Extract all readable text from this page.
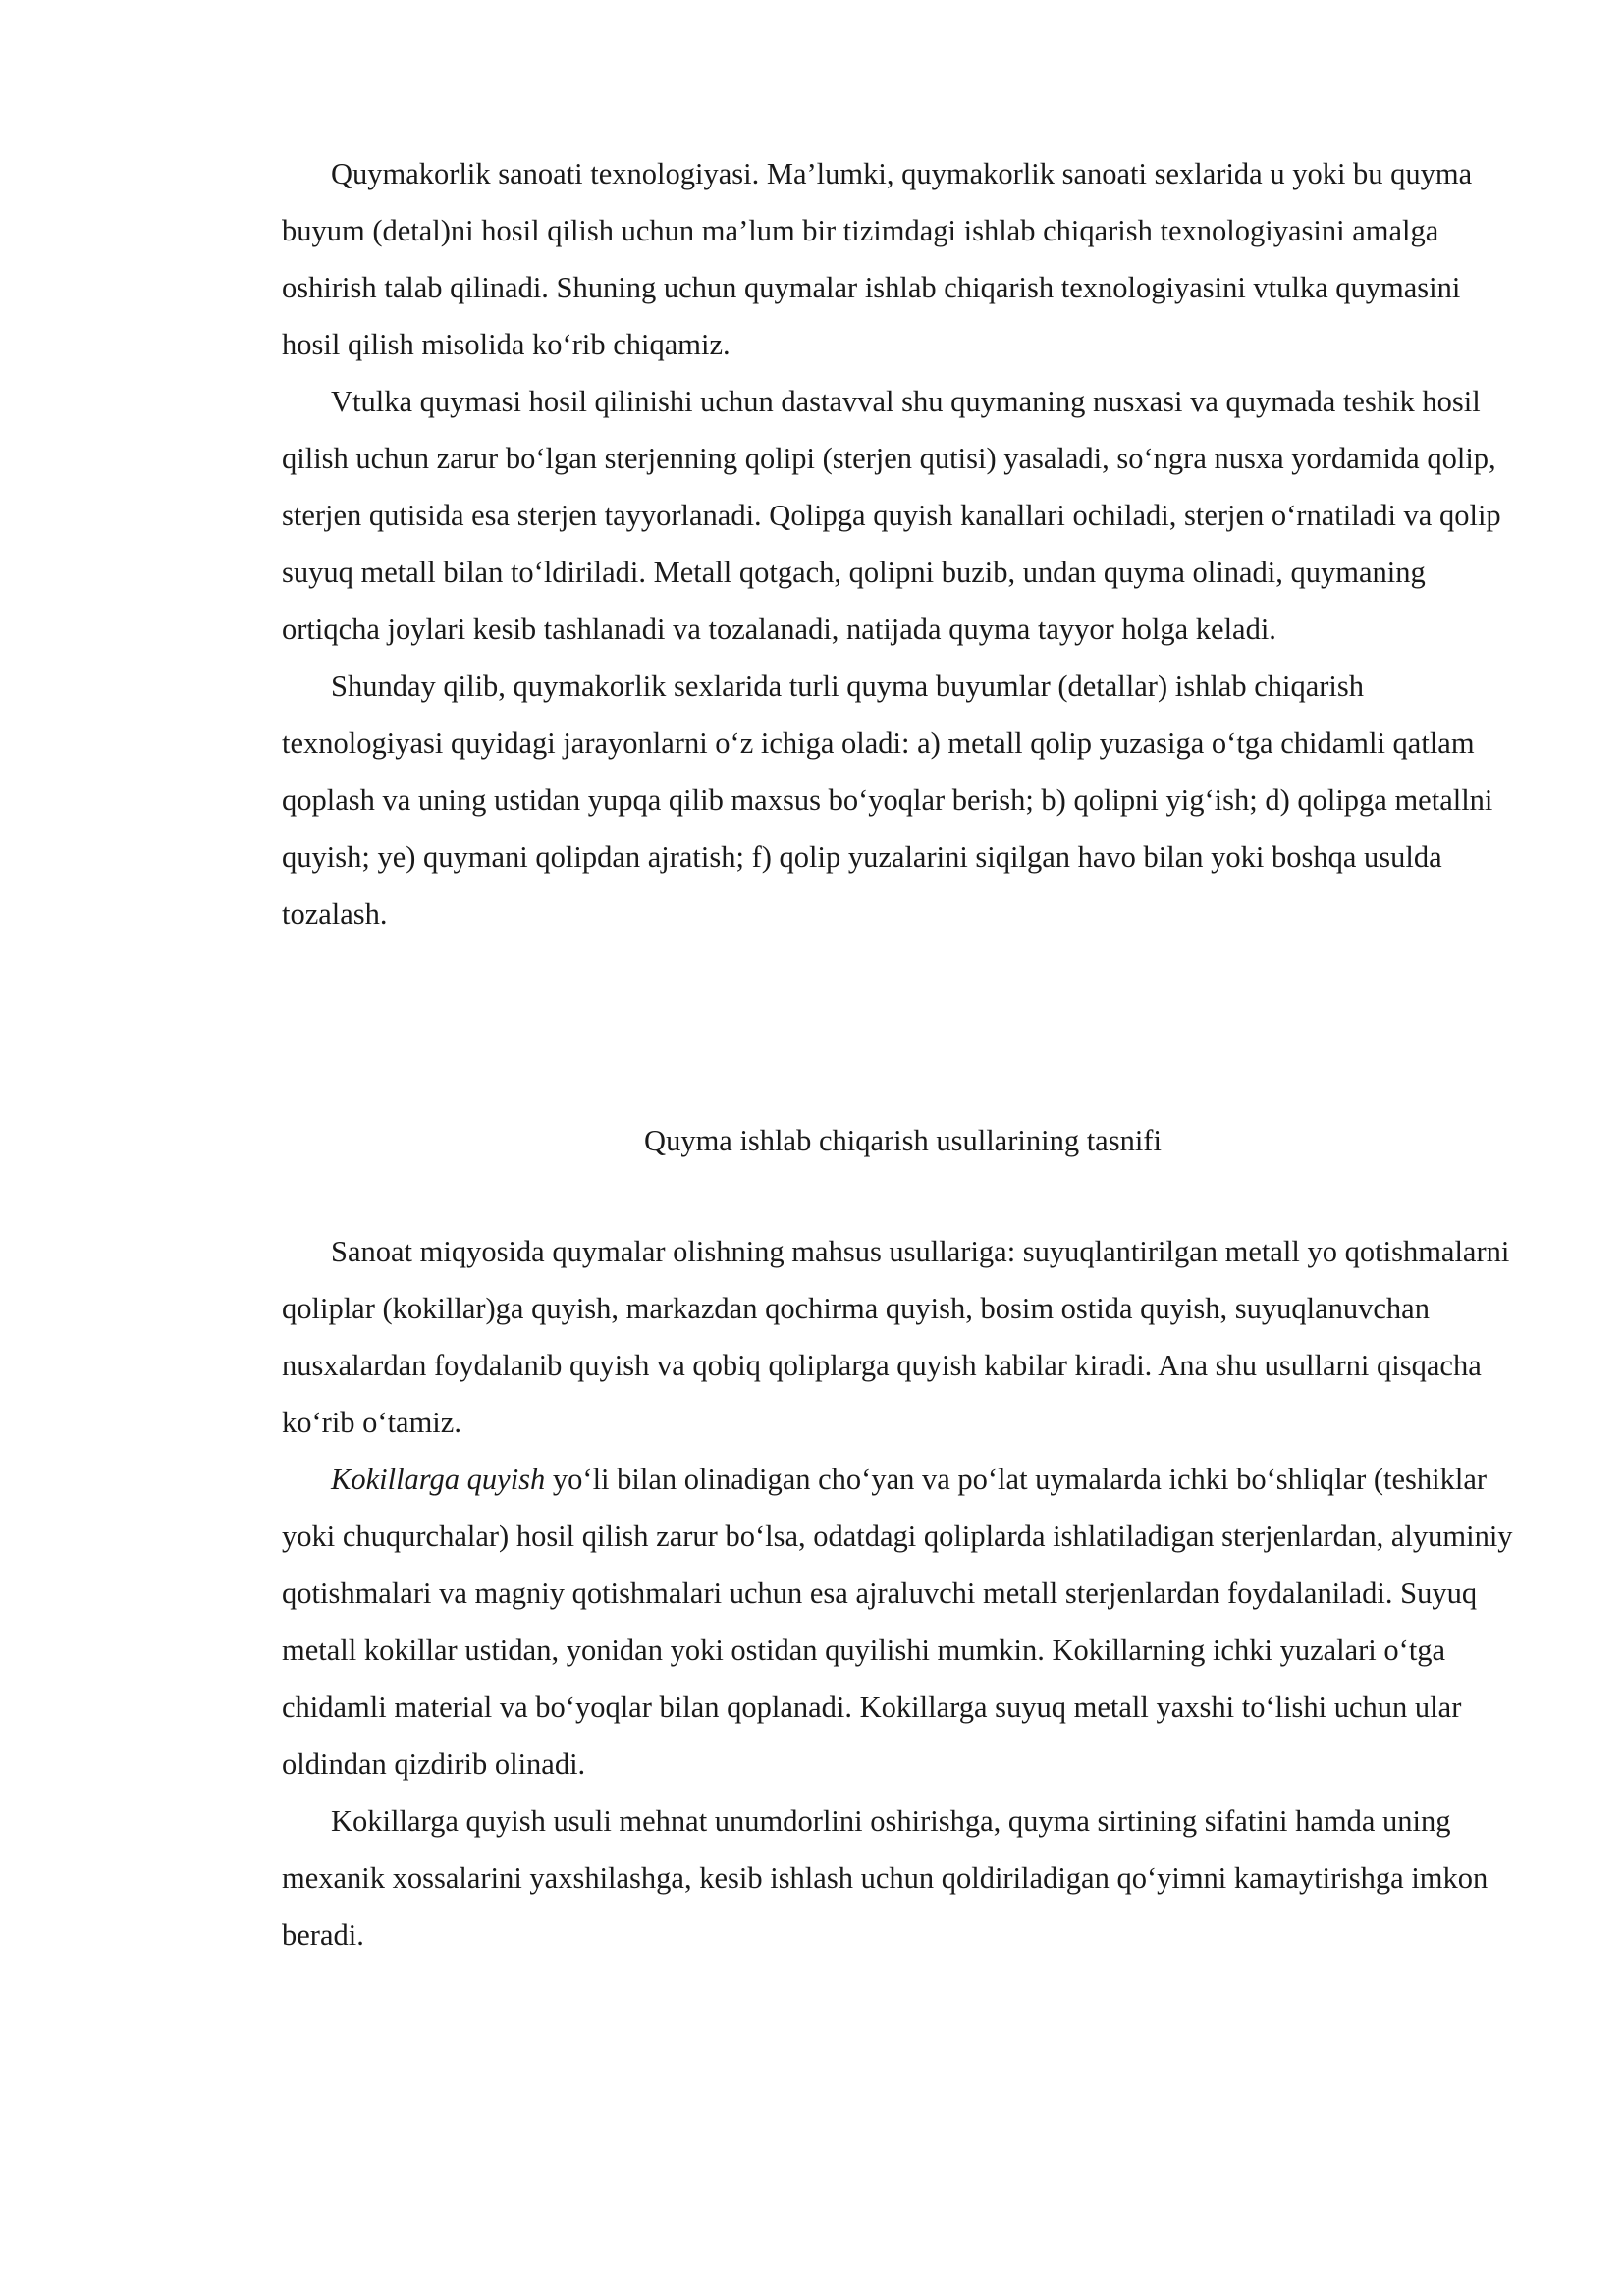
Quymakorlik sanoati texnologiyasi. Ma’lumki, quymakorlik sanoati sexlarida u yoki bu quyma buyum (detal)ni hosil qilish uchun ma’lum bir tizimdagi ishlab chiqarish texnologiyasini amalga oshirish talab qilinadi. Shuning uchun quymalar ishlab chiqarish texnologiyasini vtulka quymasini hosil qilish misolida ko‘rib chiqamiz.

Vtulka quymasi hosil qilinishi uchun dastavval shu quymaning nusxasi va quymada teshik hosil qilish uchun zarur bo‘lgan sterjenning qolipi (sterjen qutisi) yasaladi, so‘ngra nusxa yordamida qolip, sterjen qutisida esa sterjen tayyorlanadi. Qolipga quyish kanallari ochiladi, sterjen o‘rnatiladi va qolip suyuq metall bilan to‘ldiriladi. Metall qotgach, qolipni buzib, undan quyma olinadi, quymaning ortiqcha joylari kesib tashlanadi va tozalanadi, natijada quyma tayyor holga keladi.

Shunday qilib, quymakorlik sexlarida turli quyma buyumlar (detallar) ishlab chiqarish texnologiyasi quyidagi jarayonlarni o‘z ichiga oladi: a) metall qolip yuzasiga o‘tga chidamli qatlam qoplash va uning ustidan yupqa qilib maxsus bo‘yoqlar berish; b) qolipni yig‘ish; d) qolipga metallni quyish; ye) quymani qolipdan ajratish; f) qolip yuzalarini siqilgan havo bilan yoki boshqa usulda tozalash.

Quyma ishlab chiqarish usullarining tasnifi

Sanoat miqyosida quymalar olishning mahsus usullariga: suyuqlantirilgan metall yo qotishmalarni qoliplar (kokillar)ga quyish, markazdan qochirma quyish, bosim ostida quyish, suyuqlanuvchan nusxalardan foydalanib quyish va qobiq qoliplarga quyish kabilar kiradi. Ana shu usullarni qisqacha ko‘rib o‘tamiz.

Kokillarga quyish yo‘li bilan olinadigan cho‘yan va po‘lat uymalarda ichki bo‘shliqlar (teshiklar yoki chuqurchalar) hosil qilish zarur bo‘lsa, odatdagi qoliplarda ishlatiladigan sterjenlardan, alyuminiy qotishmalari va magniy qotishmalari uchun esa ajraluvchi metall sterjenlardan foydalaniladi. Suyuq metall kokillar ustidan, yonidan yoki ostidan quyilishi mumkin. Kokillarning ichki yuzalari o‘tga chidamli material va bo‘yoqlar bilan qoplanadi. Kokillarga suyuq metall yaxshi to‘lishi uchun ular oldindan qizdirib olinadi.

Kokillarga quyish usuli mehnat unumdorlini oshirishga, quyma sirtining sifatini hamda uning mexanik xossalarini yaxshilashga, kesib ishlash uchun qoldiriladigan qo‘yimni kamaytirishga imkon beradi.
